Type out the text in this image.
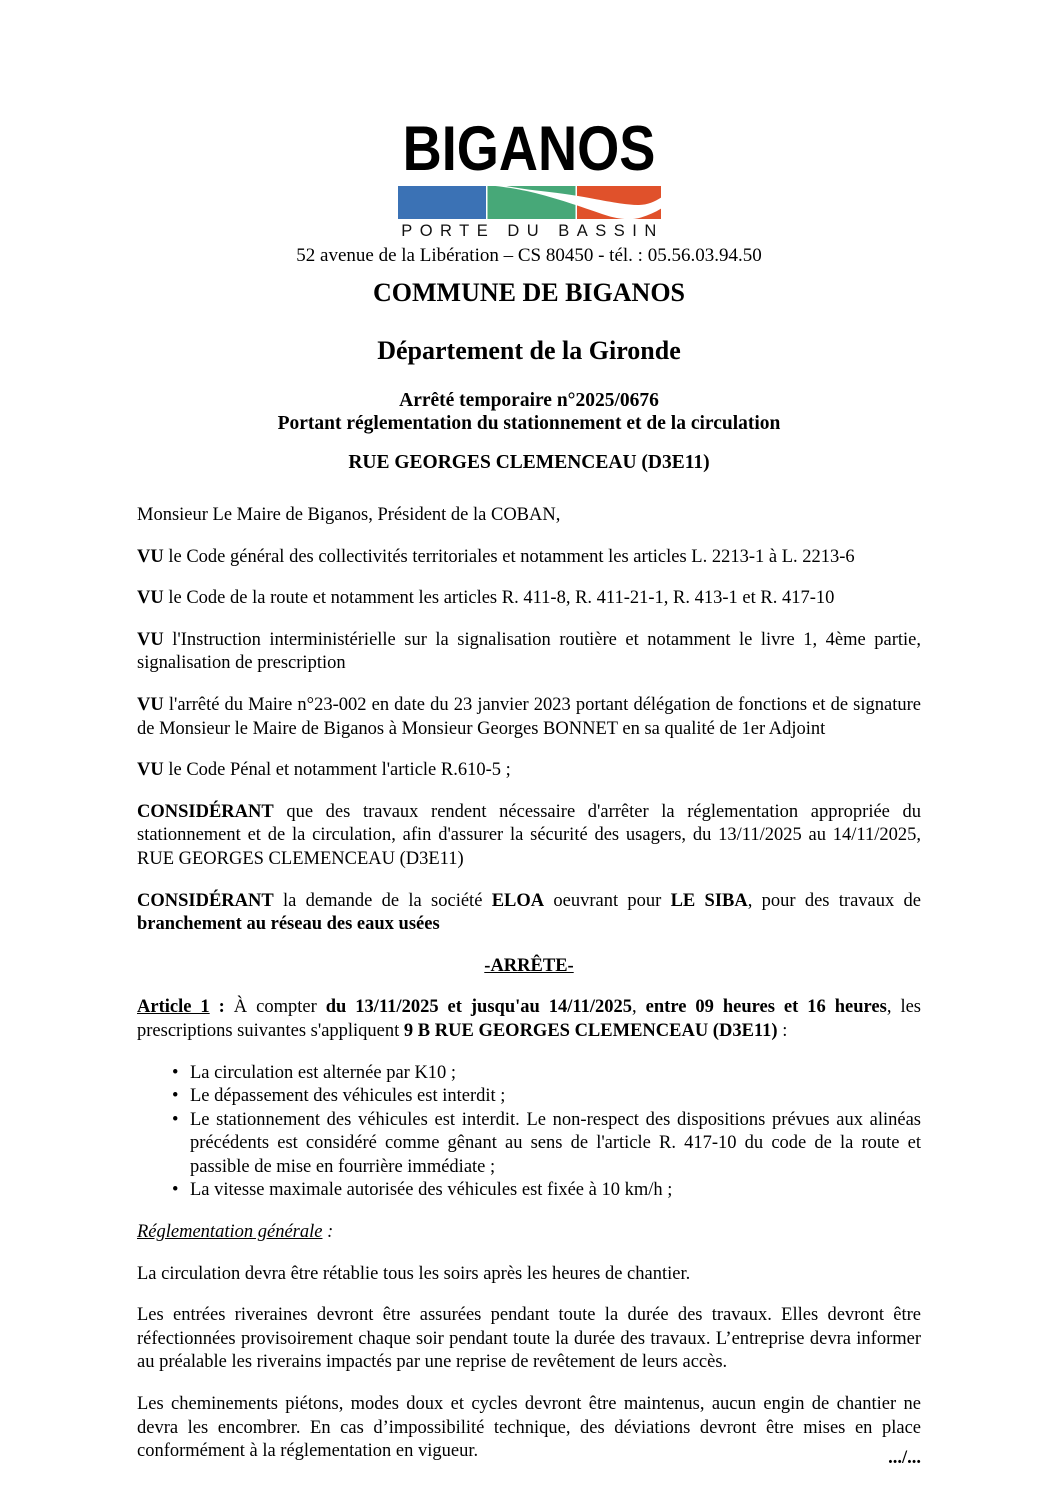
BIGANOS
PORTE DU BASSIN
52 avenue de la Libération – CS 80450 - tél. : 05.56.03.94.50
COMMUNE DE BIGANOS
Département de la Gironde
Arrêté temporaire n°2025/0676
Portant réglementation du stationnement et de la circulation
RUE GEORGES CLEMENCEAU (D3E11)

Monsieur Le Maire de Biganos, Président de la COBAN,

VU le Code général des collectivités territoriales et notamment les articles L. 2213-1 à L. 2213-6

VU le Code de la route et notamment les articles R. 411-8, R. 411-21-1, R. 413-1 et R. 417-10

VU l'Instruction interministérielle sur la signalisation routière et notamment le livre 1, 4ème partie, signalisation de prescription

VU l'arrêté du Maire n°23-002 en date du 23 janvier 2023 portant délégation de fonctions et de signature de Monsieur le Maire de Biganos à Monsieur Georges BONNET en sa qualité de 1er Adjoint

VU le Code Pénal et notamment l'article R.610-5 ;

CONSIDÉRANT que des travaux rendent nécessaire d'arrêter la réglementation appropriée du stationnement et de la circulation, afin d'assurer la sécurité des usagers, du 13/11/2025 au 14/11/2025, RUE GEORGES CLEMENCEAU (D3E11)

CONSIDÉRANT la demande de la société ELOA oeuvrant pour LE SIBA, pour des travaux de branchement au réseau des eaux usées

-ARRÊTE-

Article 1 : À compter du 13/11/2025 et jusqu'au 14/11/2025, entre 09 heures et 16 heures, les prescriptions suivantes s'appliquent 9 B RUE GEORGES CLEMENCEAU (D3E11) :

• La circulation est alternée par K10 ;
• Le dépassement des véhicules est interdit ;
• Le stationnement des véhicules est interdit. Le non-respect des dispositions prévues aux alinéas précédents est considéré comme gênant au sens de l'article R. 417-10 du code de la route et passible de mise en fourrière immédiate ;
• La vitesse maximale autorisée des véhicules est fixée à 10 km/h ;

Réglementation générale :

La circulation devra être rétablie tous les soirs après les heures de chantier.

Les entrées riveraines devront être assurées pendant toute la durée des travaux. Elles devront être réfectionnées provisoirement chaque soir pendant toute la durée des travaux. L’entreprise devra informer au préalable les riverains impactés par une reprise de revêtement de leurs accès.

Les cheminements piétons, modes doux et cycles devront être maintenus, aucun engin de chantier ne devra les encombrer. En cas d’impossibilité technique, des déviations devront être mises en place conformément à la réglementation en vigueur.	.../...
